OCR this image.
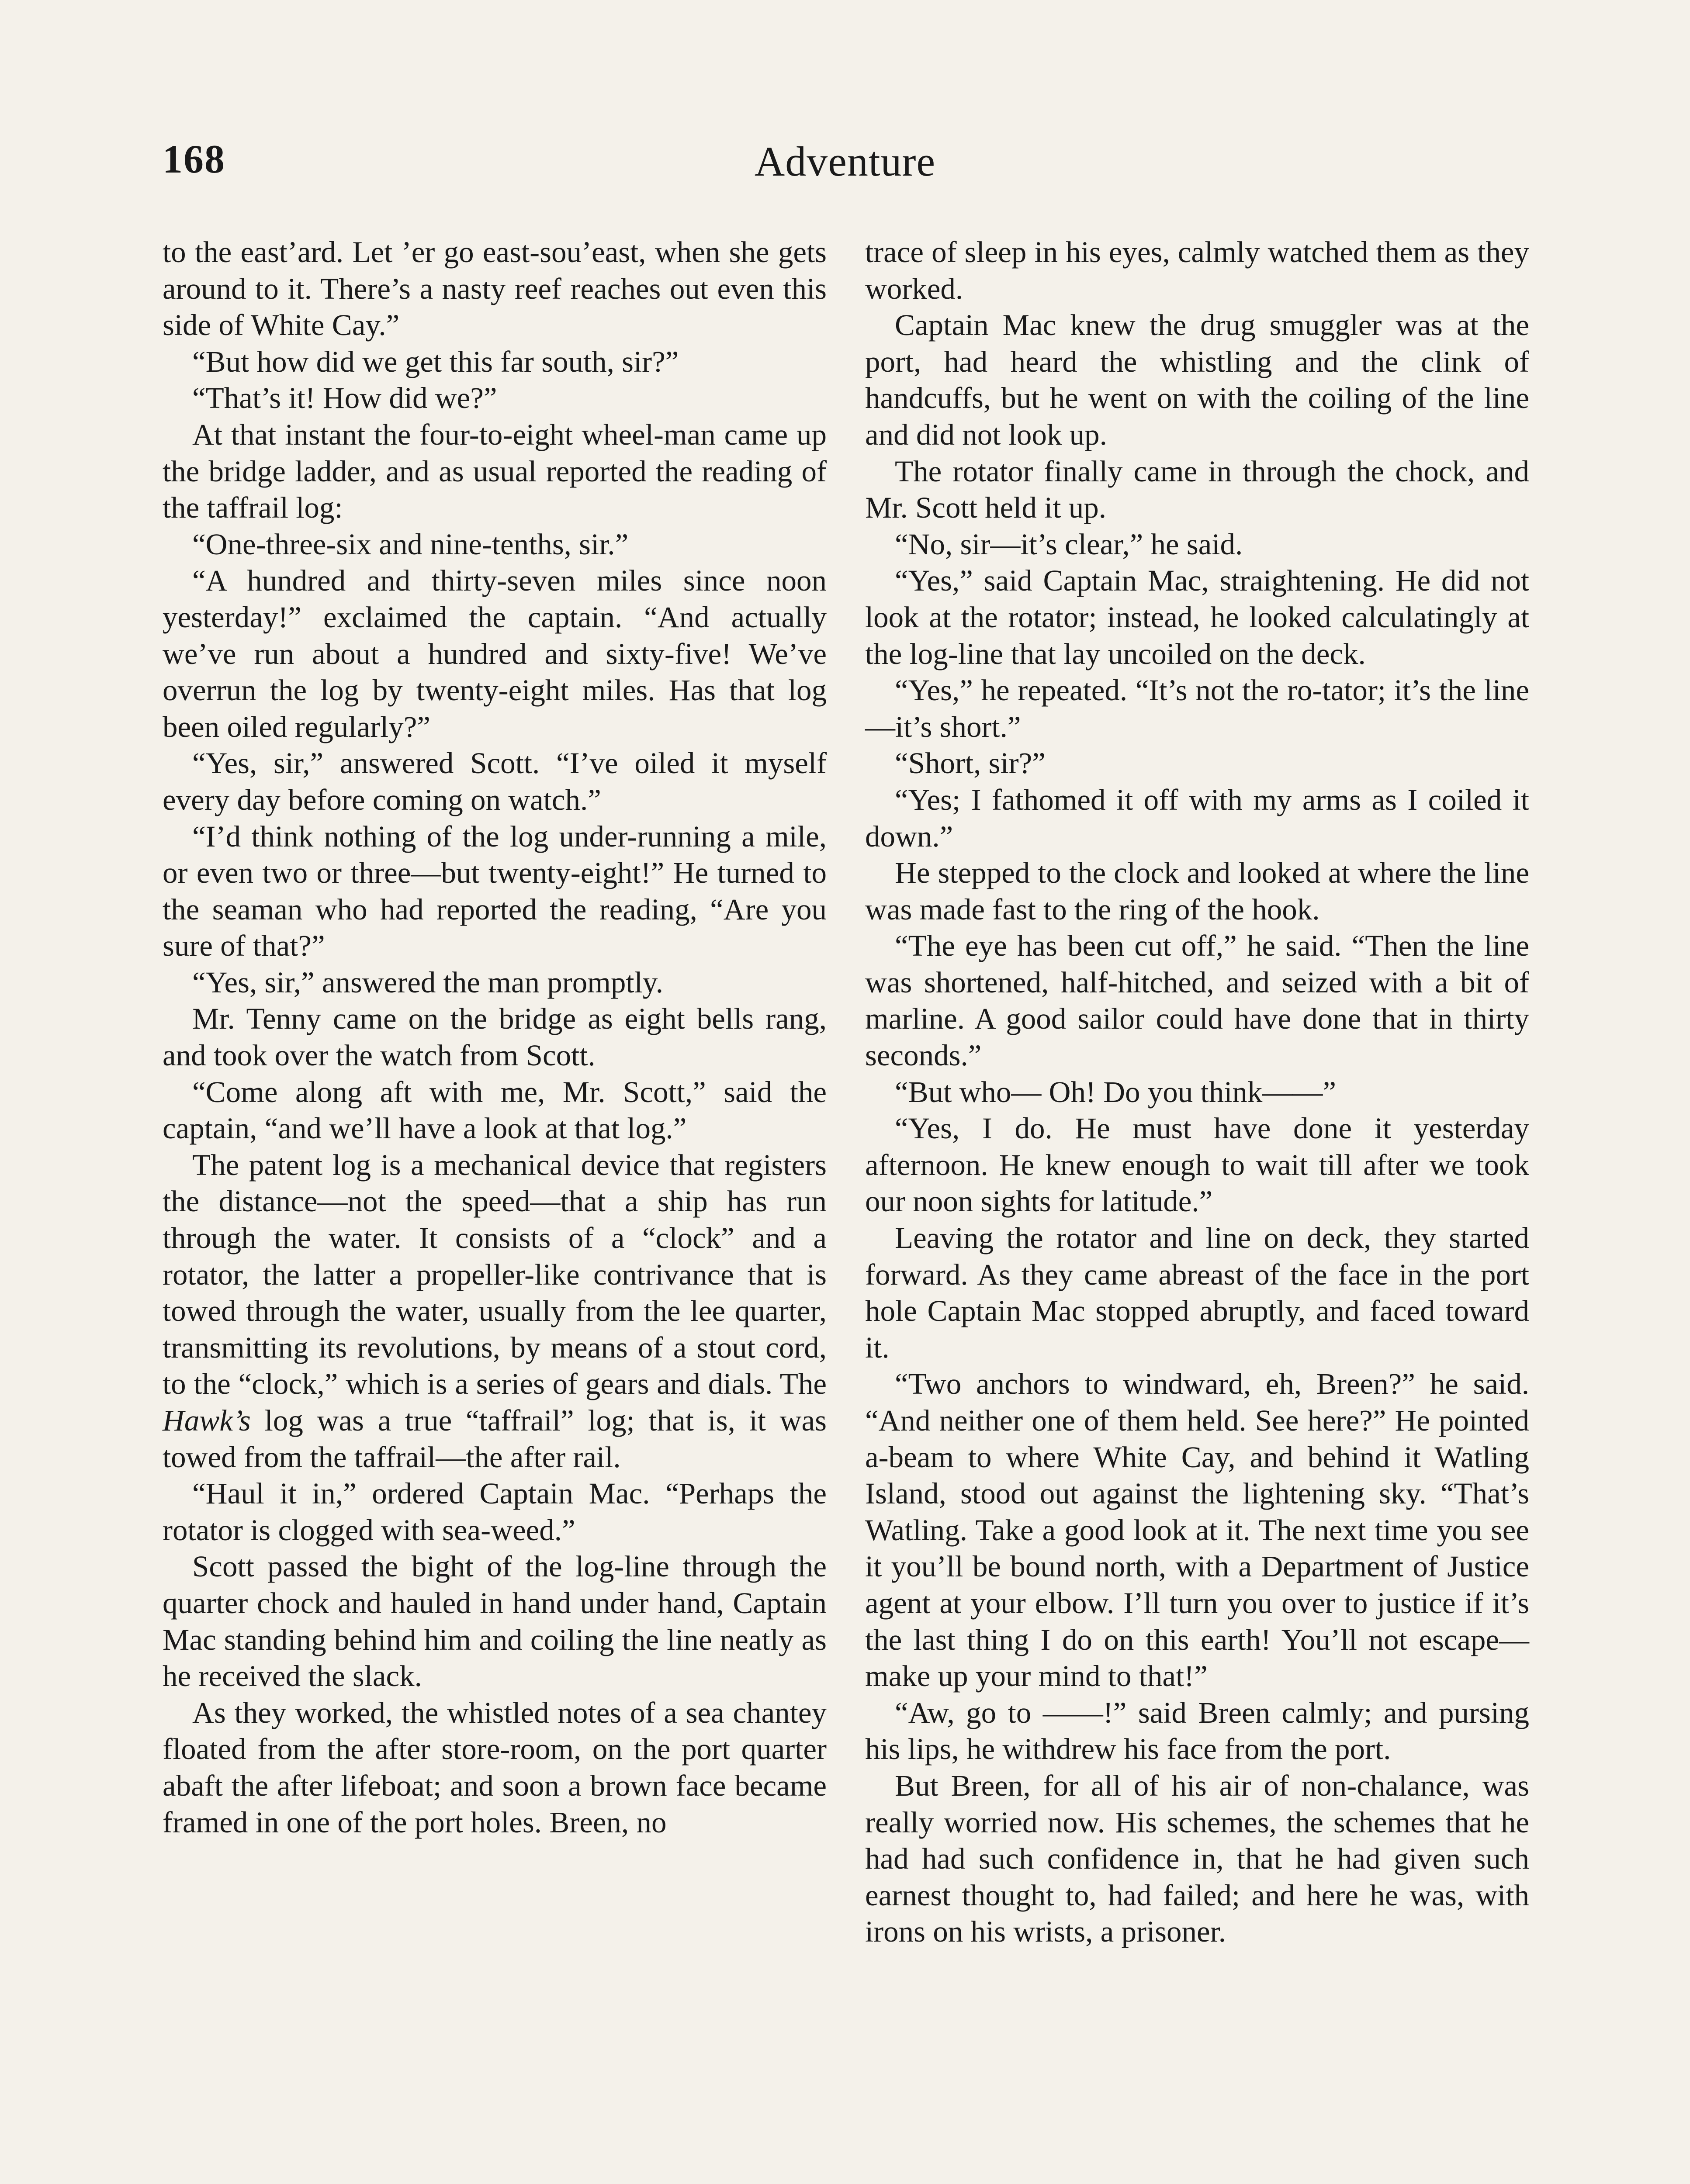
168	Adventure

to the east’ard. Let ’er go east-sou’east, when she gets around to it. There’s a nasty reef reaches out even this side of White Cay.”

“But how did we get this far south, sir?”

“That’s it! How did we?”

At that instant the four-to-eight wheel-man came up the bridge ladder, and as usual reported the reading of the taffrail log:

“One-three-six and nine-tenths, sir.”

“A hundred and thirty-seven miles since noon yesterday!” exclaimed the captain. “And actually we’ve run about a hundred and sixty-five! We’ve overrun the log by twenty-eight miles. Has that log been oiled regularly?”

“Yes, sir,” answered Scott. “I’ve oiled it myself every day before coming on watch.”

“I’d think nothing of the log under-running a mile, or even two or three—but twenty-eight!” He turned to the seaman who had reported the reading, “Are you sure of that?”

“Yes, sir,” answered the man promptly.

Mr. Tenny came on the bridge as eight bells rang, and took over the watch from Scott.

“Come along aft with me, Mr. Scott,” said the captain, “and we’ll have a look at that log.”

The patent log is a mechanical device that registers the distance—not the speed—that a ship has run through the water. It consists of a “clock” and a rotator, the latter a propeller-like contrivance that is towed through the water, usually from the lee quarter, transmitting its revolutions, by means of a stout cord, to the “clock,” which is a series of gears and dials. The Hawk’s log was a true “taffrail” log; that is, it was towed from the taffrail—the after rail.

“Haul it in,” ordered Captain Mac. “Perhaps the rotator is clogged with sea-weed.”

Scott passed the bight of the log-line through the quarter chock and hauled in hand under hand, Captain Mac standing behind him and coiling the line neatly as he received the slack.

As they worked, the whistled notes of a sea chantey floated from the after store-room, on the port quarter abaft the after lifeboat; and soon a brown face became framed in one of the port holes. Breen, no

trace of sleep in his eyes, calmly watched them as they worked.

Captain Mac knew the drug smuggler was at the port, had heard the whistling and the clink of handcuffs, but he went on with the coiling of the line and did not look up.

The rotator finally came in through the chock, and Mr. Scott held it up.

“No, sir—it’s clear,” he said.

“Yes,” said Captain Mac, straightening. He did not look at the rotator; instead, he looked calculatingly at the log-line that lay uncoiled on the deck.

“Yes,” he repeated. “It’s not the ro-tator; it’s the line—it’s short.”

“Short, sir?”

“Yes; I fathomed it off with my arms as I coiled it down.”

He stepped to the clock and looked at where the line was made fast to the ring of the hook.

“The eye has been cut off,” he said. “Then the line was shortened, half-hitched, and seized with a bit of marline. A good sailor could have done that in thirty seconds.”

“But who— Oh! Do you think——”

“Yes, I do. He must have done it yesterday afternoon. He knew enough to wait till after we took our noon sights for latitude.”

Leaving the rotator and line on deck, they started forward. As they came abreast of the face in the port hole Captain Mac stopped abruptly, and faced toward it.

“Two anchors to windward, eh, Breen?” he said. “And neither one of them held. See here?” He pointed a-beam to where White Cay, and behind it Watling Island, stood out against the lightening sky. “That’s Watling. Take a good look at it. The next time you see it you’ll be bound north, with a Department of Justice agent at your elbow. I’ll turn you over to justice if it’s the last thing I do on this earth! You’ll not escape—make up your mind to that!”

“Aw, go to ——!” said Breen calmly; and pursing his lips, he withdrew his face from the port.

But Breen, for all of his air of non-chalance, was really worried now. His schemes, the schemes that he had had such confidence in, that he had given such earnest thought to, had failed; and here he was, with irons on his wrists, a prisoner.
